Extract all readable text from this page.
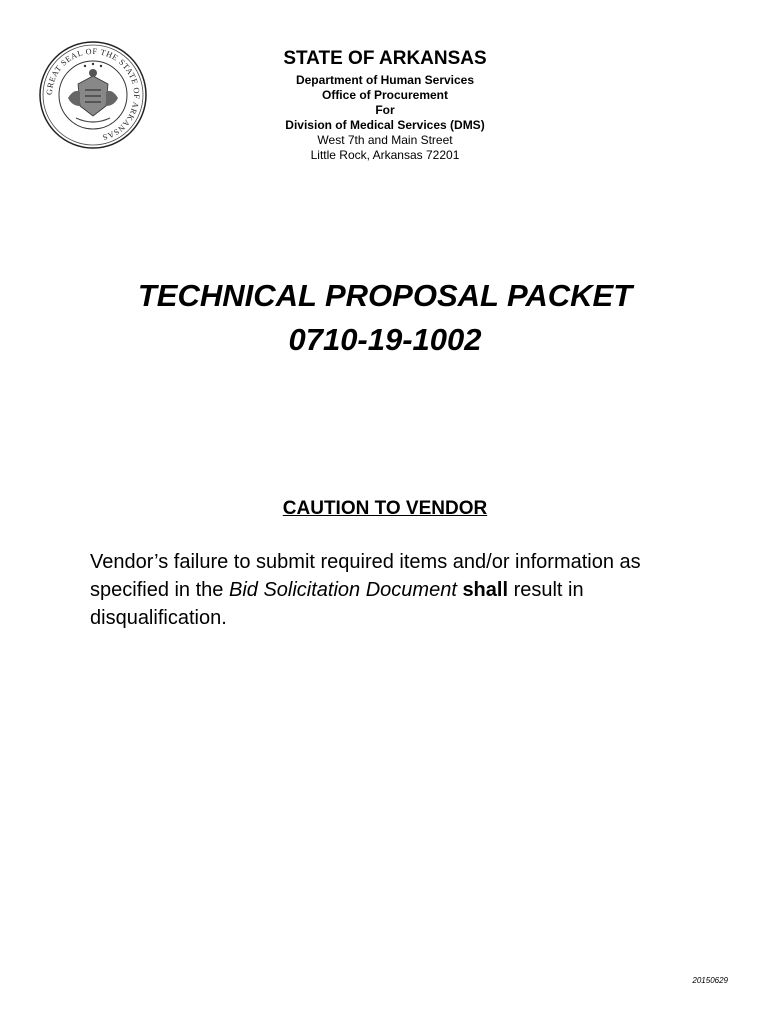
GREAT SEAL OF THE STATE OF ARKANSAS
STATE OF ARKANSAS
Department of Human Services
Office of Procurement
For
Division of Medical Services (DMS)
West 7th and Main Street
Little Rock, Arkansas 72201
TECHNICAL PROPOSAL PACKET
0710-19-1002
CAUTION TO VENDOR
Vendor’s failure to submit required items and/or information as specified in the Bid Solicitation Document shall result in disqualification.
20150629
